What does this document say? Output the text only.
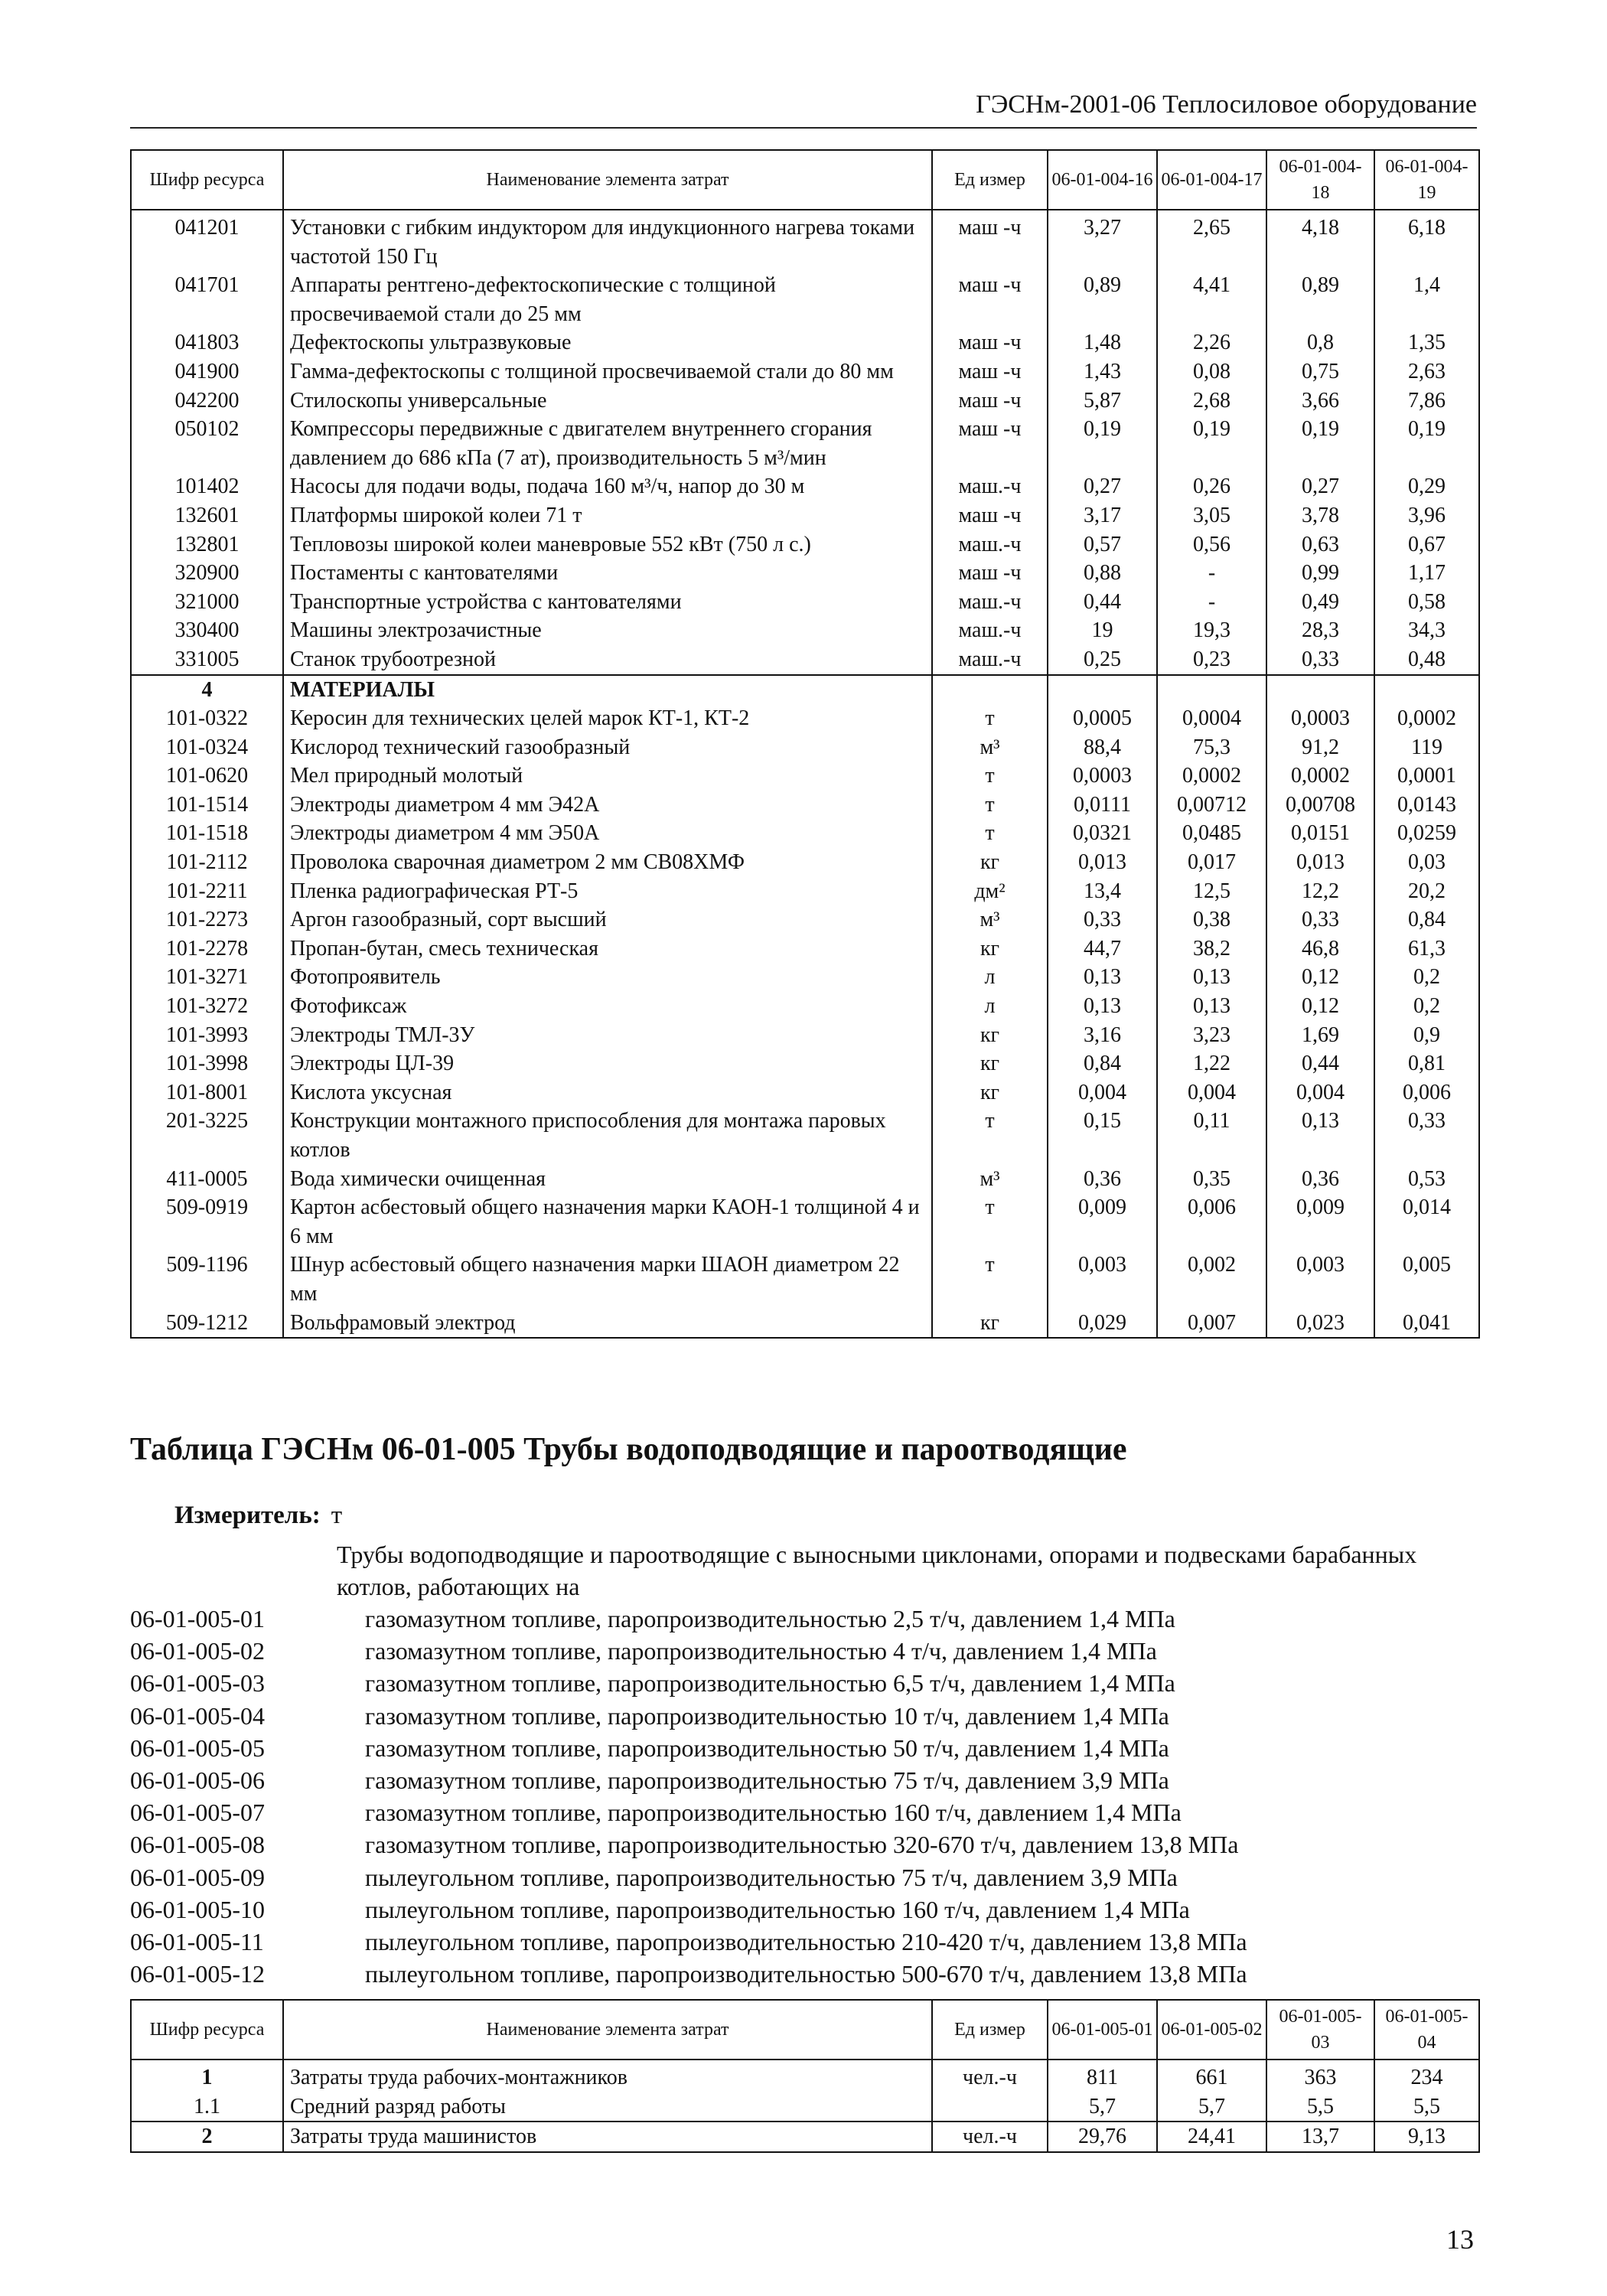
ГЭСНм-2001-06 Теплосиловое оборудование
Шифр ресурса	Наименование элемента затрат	Ед измер	06-01-004-16	06-01-004-17	06-01-004-18	06-01-004-19
041201	Установки с гибким индуктором для индукционного нагрева токами частотой 150 Гц	маш -ч	3,27	2,65	4,18	6,18
041701	Аппараты рентгено-дефектоскопические с толщиной просвечиваемой стали до 25 мм	маш -ч	0,89	4,41	0,89	1,4
041803	Дефектоскопы ультразвуковые	маш -ч	1,48	2,26	0,8	1,35
041900	Гамма-дефектоскопы с толщиной просвечиваемой стали до 80 мм	маш -ч	1,43	0,08	0,75	2,63
042200	Стилоскопы универсальные	маш -ч	5,87	2,68	3,66	7,86
050102	Компрессоры передвижные с двигателем внутреннего сгорания давлением до 686 кПа (7 ат), производительность 5 м³/мин	маш -ч	0,19	0,19	0,19	0,19
101402	Насосы для подачи воды, подача 160 м³/ч, напор до 30 м	маш.-ч	0,27	0,26	0,27	0,29
132601	Платформы широкой колеи 71 т	маш -ч	3,17	3,05	3,78	3,96
132801	Тепловозы широкой колеи маневровые 552 кВт (750 л с.)	маш.-ч	0,57	0,56	0,63	0,67
320900	Постаменты с кантователями	маш -ч	0,88	-	0,99	1,17
321000	Транспортные устройства с кантователями	маш.-ч	0,44	-	0,49	0,58
330400	Машины электрозачистные	маш.-ч	19	19,3	28,3	34,3
331005	Станок трубоотрезной	маш.-ч	0,25	0,23	0,33	0,48
4	МАТЕРИАЛЫ					
101-0322	Керосин для технических целей марок КТ-1, КТ-2	т	0,0005	0,0004	0,0003	0,0002
101-0324	Кислород технический газообразный	м³	88,4	75,3	91,2	119
101-0620	Мел природный молотый	т	0,0003	0,0002	0,0002	0,0001
101-1514	Электроды диаметром 4 мм Э42А	т	0,0111	0,00712	0,00708	0,0143
101-1518	Электроды диаметром 4 мм Э50А	т	0,0321	0,0485	0,0151	0,0259
101-2112	Проволока сварочная диаметром 2 мм СВ08ХМФ	кг	0,013	0,017	0,013	0,03
101-2211	Пленка радиографическая РТ-5	дм²	13,4	12,5	12,2	20,2
101-2273	Аргон газообразный, сорт высший	м³	0,33	0,38	0,33	0,84
101-2278	Пропан-бутан, смесь техническая	кг	44,7	38,2	46,8	61,3
101-3271	Фотопроявитель	л	0,13	0,13	0,12	0,2
101-3272	Фотофиксаж	л	0,13	0,13	0,12	0,2
101-3993	Электроды ТМЛ-3У	кг	3,16	3,23	1,69	0,9
101-3998	Электроды ЦЛ-39	кг	0,84	1,22	0,44	0,81
101-8001	Кислота уксусная	кг	0,004	0,004	0,004	0,006
201-3225	Конструкции монтажного приспособления для монтажа паровых котлов	т	0,15	0,11	0,13	0,33
411-0005	Вода химически очищенная	м³	0,36	0,35	0,36	0,53
509-0919	Картон асбестовый общего назначения марки КАОН-1 толщиной 4 и 6 мм	т	0,009	0,006	0,009	0,014
509-1196	Шнур асбестовый общего назначения марки ШАОН диаметром 22 мм	т	0,003	0,002	0,003	0,005
509-1212	Вольфрамовый электрод	кг	0,029	0,007	0,023	0,041
Таблица ГЭСНм 06-01-005 Трубы водоподводящие и пароотводящие
Измеритель: т
Трубы водоподводящие и пароотводящие с выносными циклонами, опорами и подвесками барабанных котлов, работающих на
06-01-005-01	газомазутном топливе, паропроизводительностью 2,5 т/ч, давлением 1,4 МПа
06-01-005-02	газомазутном топливе, паропроизводительностью 4 т/ч, давлением 1,4 МПа
06-01-005-03	газомазутном топливе, паропроизводительностью 6,5 т/ч, давлением 1,4 МПа
06-01-005-04	газомазутном топливе, паропроизводительностью 10 т/ч, давлением 1,4 МПа
06-01-005-05	газомазутном топливе, паропроизводительностью 50 т/ч, давлением 1,4 МПа
06-01-005-06	газомазутном топливе, паропроизводительностью 75 т/ч, давлением 3,9 МПа
06-01-005-07	газомазутном топливе, паропроизводительностью 160 т/ч, давлением 1,4 МПа
06-01-005-08	газомазутном топливе, паропроизводительностью 320-670 т/ч, давлением 13,8 МПа
06-01-005-09	пылеугольном топливе, паропроизводительностью 75 т/ч, давлением 3,9 МПа
06-01-005-10	пылеугольном топливе, паропроизводительностью 160 т/ч, давлением 1,4 МПа
06-01-005-11	пылеугольном топливе, паропроизводительностью 210-420 т/ч, давлением 13,8 МПа
06-01-005-12	пылеугольном топливе, паропроизводительностью 500-670 т/ч, давлением 13,8 МПа
Шифр ресурса	Наименование элемента затрат	Ед измер	06-01-005-01	06-01-005-02	06-01-005-03	06-01-005-04
1	Затраты труда рабочих-монтажников	чел.-ч	811	661	363	234
1.1	Средний разряд работы		5,7	5,7	5,5	5,5
2	Затраты труда машинистов	чел.-ч	29,76	24,41	13,7	9,13
13
